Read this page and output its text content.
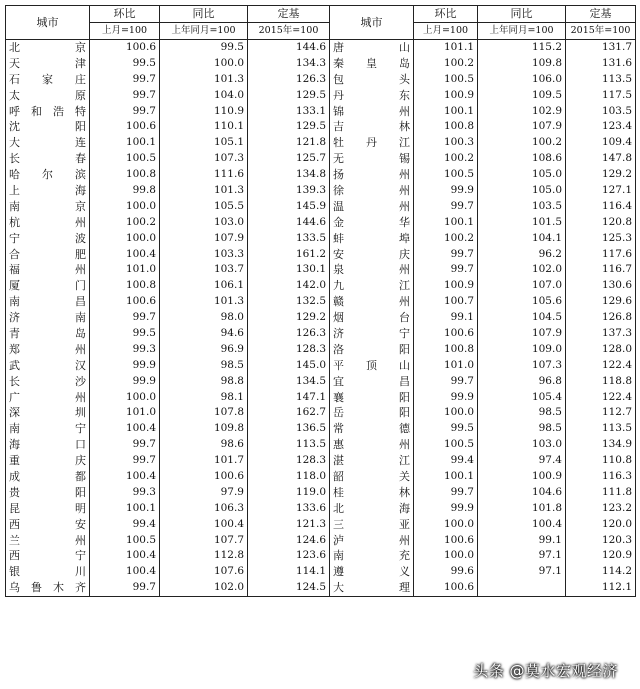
城市	环比	同比	定基	城市	环比	同比	定基
	上月=100	上年同月=100	2015年=100		上月=100	上年同月=100	2015年=100
北京	100.6	99.5	144.6	唐山	101.1	115.2	131.7
天津	99.5	100.0	134.3	秦皇岛	100.2	109.8	131.6
石家庄	99.7	101.3	126.3	包头	100.5	106.0	113.5
太原	99.7	104.0	129.5	丹东	100.9	109.5	117.5
呼和浩特	99.7	110.9	133.1	锦州	100.1	102.9	103.5
沈阳	100.6	110.1	129.5	吉林	100.8	107.9	123.4
大连	100.1	105.1	121.8	牡丹江	100.3	100.2	109.4
长春	100.5	107.3	125.7	无锡	100.2	108.6	147.8
哈尔滨	100.8	111.6	134.8	扬州	100.5	105.0	129.2
上海	99.8	101.3	139.3	徐州	99.9	105.0	127.1
南京	100.0	105.5	145.9	温州	99.7	103.5	116.4
杭州	100.2	103.0	144.6	金华	100.1	101.5	120.8
宁波	100.0	107.9	133.5	蚌埠	100.2	104.1	125.3
合肥	100.4	103.3	161.2	安庆	99.7	96.2	117.6
福州	101.0	103.7	130.1	泉州	99.7	102.0	116.7
厦门	100.8	106.1	142.0	九江	100.9	107.0	130.6
南昌	100.6	101.3	132.5	赣州	100.7	105.6	129.6
济南	99.7	98.0	129.2	烟台	99.1	104.5	126.8
青岛	99.5	94.6	126.3	济宁	100.6	107.9	137.3
郑州	99.3	96.9	128.3	洛阳	100.8	109.0	128.0
武汉	99.9	98.5	145.0	平顶山	101.0	107.3	122.4
长沙	99.9	98.8	134.5	宜昌	99.7	96.8	118.8
广州	100.0	98.1	147.1	襄阳	99.9	105.4	122.4
深圳	101.0	107.8	162.7	岳阳	100.0	98.5	112.7
南宁	100.4	109.8	136.5	常德	99.5	98.5	113.5
海口	99.7	98.6	113.5	惠州	100.5	103.0	134.9
重庆	99.7	101.7	128.3	湛江	99.4	97.4	110.8
成都	100.4	100.6	118.0	韶关	100.1	100.9	116.3
贵阳	99.3	97.9	119.0	桂林	99.7	104.6	111.8
昆明	100.1	106.3	133.6	北海	99.9	101.8	123.2
西安	99.4	100.4	121.3	三亚	100.0	100.4	120.0
兰州	100.5	107.7	124.6	泸州	100.6	99.1	120.3
西宁	100.4	112.8	123.6	南充	100.0	97.1	120.9
银川	100.4	107.6	114.1	遵义	99.6	97.1	114.2
乌鲁木齐	99.7	102.0	124.5	大理	100.6		112.1
头条 @莫水宏观经济
